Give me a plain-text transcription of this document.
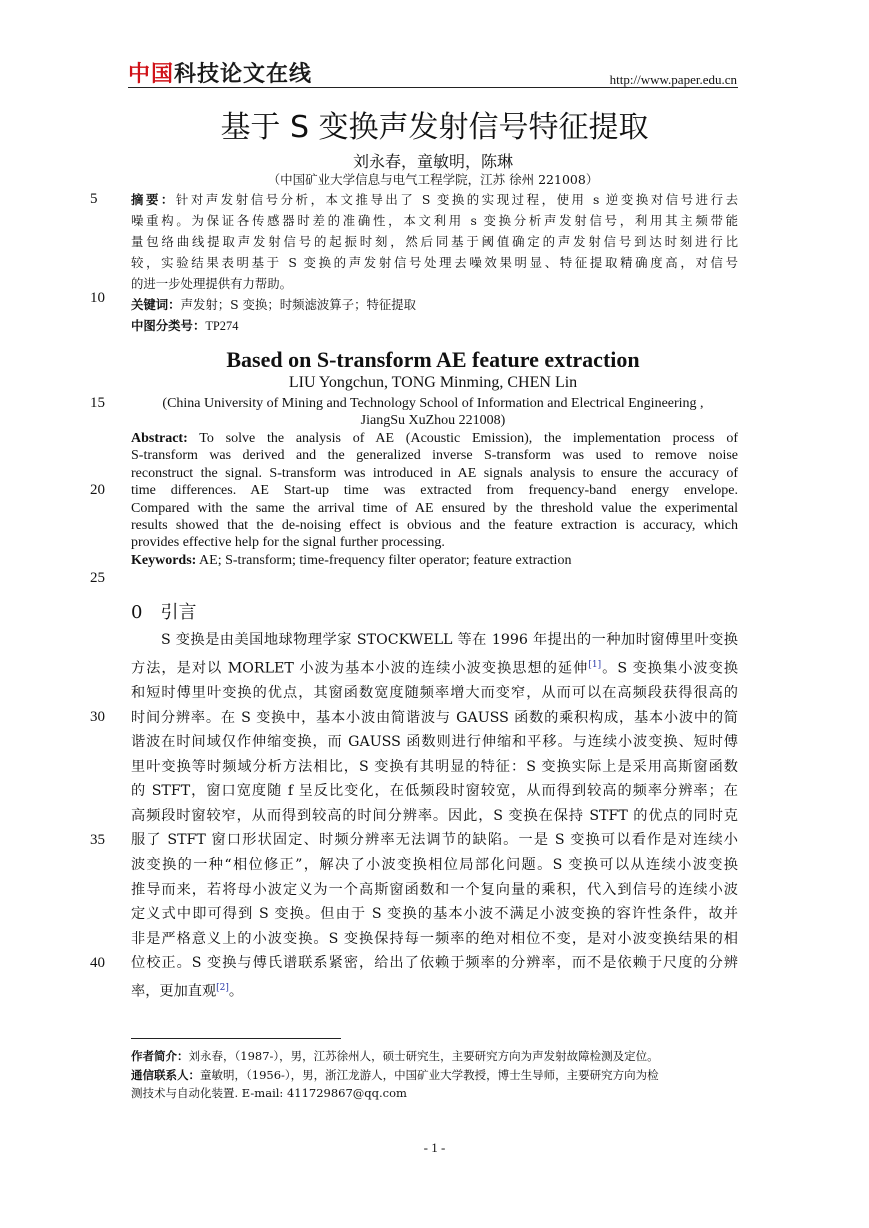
中国科技论文在线	http://www.paper.edu.cn
基于 S 变换声发射信号特征提取
刘永春，童敏明，陈琳
（中国矿业大学信息与电气工程学院，江苏 徐州 221008）
摘要：针对声发射信号分析，本文推导出了 S 变换的实现过程，使用 s 逆变换对信号进行去
噪重构。为保证各传感器时差的准确性，本文利用 s 变换分析声发射信号，利用其主频带能
量包络曲线提取声发射信号的起振时刻，然后同基于阈值确定的声发射信号到达时刻进行比
较，实验结果表明基于 S 变换的声发射信号处理去噪效果明显、特征提取精确度高，对信号
的进一步处理提供有力帮助。
关键词：声发射；S 变换；时频滤波算子；特征提取
中图分类号：TP274
Based on S-transform AE feature extraction
LIU Yongchun, TONG Minming, CHEN Lin
(China University of Mining and Technology School of Information and Electrical Engineering ,
JiangSu XuZhou 221008)
Abstract: To solve the analysis of AE (Acoustic Emission), the implementation process of
S-transform was derived and the generalized inverse S-transform was used to remove noise
reconstruct the signal. S-transform was introduced in AE signals analysis to ensure the accuracy of
time differences. AE Start-up time was extracted from frequency-band energy envelope.
Compared with the same the arrival time of AE ensured by the threshold value the experimental
results showed that the de-noising effect is obvious and the feature extraction is accuracy, which
provides effective help for the signal further processing.
Keywords: AE; S-transform; time-frequency filter operator; feature extraction
5
10
15
20
25
30
35
40
0 引言
S 变换是由美国地球物理学家 STOCKWELL 等在 1996 年提出的一种加时窗傅里叶变换
方法，是对以 MORLET 小波为基本小波的连续小波变换思想的延伸[1]。S 变换集小波变换
和短时傅里叶变换的优点，其窗函数宽度随频率增大而变窄，从而可以在高频段获得很高的
时间分辨率。在 S 变换中，基本小波由简谐波与 GAUSS 函数的乘积构成，基本小波中的简
谐波在时间域仅作伸缩变换，而 GAUSS 函数则进行伸缩和平移。与连续小波变换、短时傅
里叶变换等时频域分析方法相比，S 变换有其明显的特征：S 变换实际上是采用高斯窗函数
的 STFT，窗口宽度随 f 呈反比变化，在低频段时窗较宽，从而得到较高的频率分辨率；在
高频段时窗较窄，从而得到较高的时间分辨率。因此，S 变换在保持 STFT 的优点的同时克
服了 STFT 窗口形状固定、时频分辨率无法调节的缺陷。一是 S 变换可以看作是对连续小
波变换的一种“相位修正”，解决了小波变换相位局部化问题。S 变换可以从连续小波变换
推导而来，若将母小波定义为一个高斯窗函数和一个复向量的乘积，代入到信号的连续小波
定义式中即可得到 S 变换。但由于 S 变换的基本小波不满足小波变换的容许性条件，故并
非是严格意义上的小波变换。S 变换保持每一频率的绝对相位不变，是对小波变换结果的相
位校正。S 变换与傅氏谱联系紧密，给出了依赖于频率的分辨率，而不是依赖于尺度的分辨
率，更加直观[2]。
作者简介：刘永春，（1987-），男，江苏徐州人，硕士研究生，主要研究方向为声发射故障检测及定位。
通信联系人：童敏明，（1956-），男，浙江龙游人，中国矿业大学教授，博士生导师，主要研究方向为检
测技术与自动化装置. E-mail: 411729867@qq.com
- 1 -
